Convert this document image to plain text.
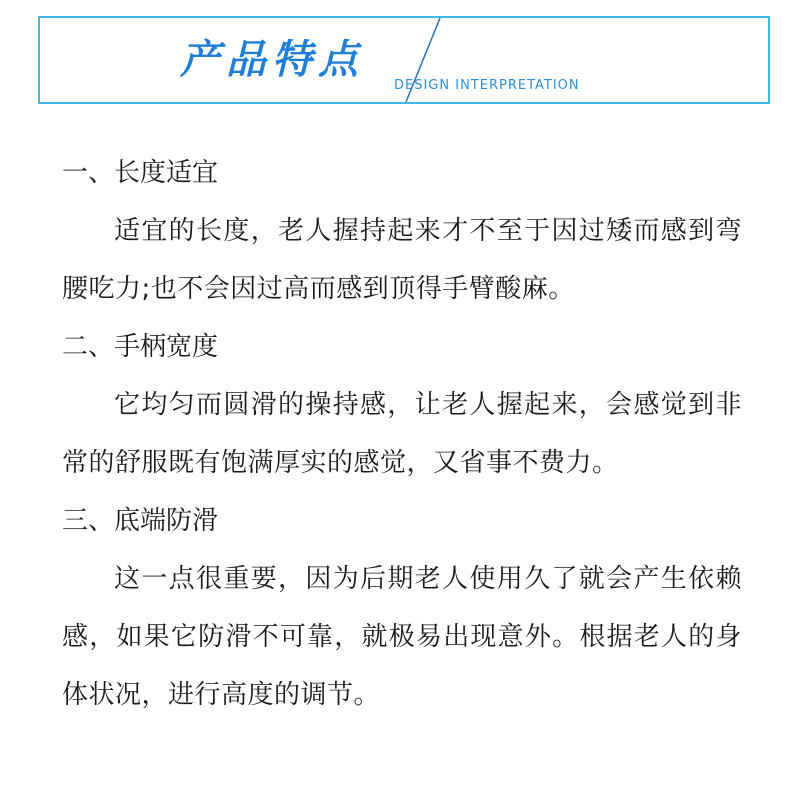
产品特点
DESIGN INTERPRETATION
一、长度适宜

适宜的长度，老人握持起来才不至于因过矮而感到弯腰吃力;也不会因过高而感到顶得手臂酸麻。

二、手柄宽度

它均匀而圆滑的操持感，让老人握起来，会感觉到非常的舒服既有饱满厚实的感觉，又省事不费力。

三、底端防滑

这一点很重要，因为后期老人使用久了就会产生依赖感，如果它防滑不可靠，就极易出现意外。根据老人的身体状况，进行高度的调节。
